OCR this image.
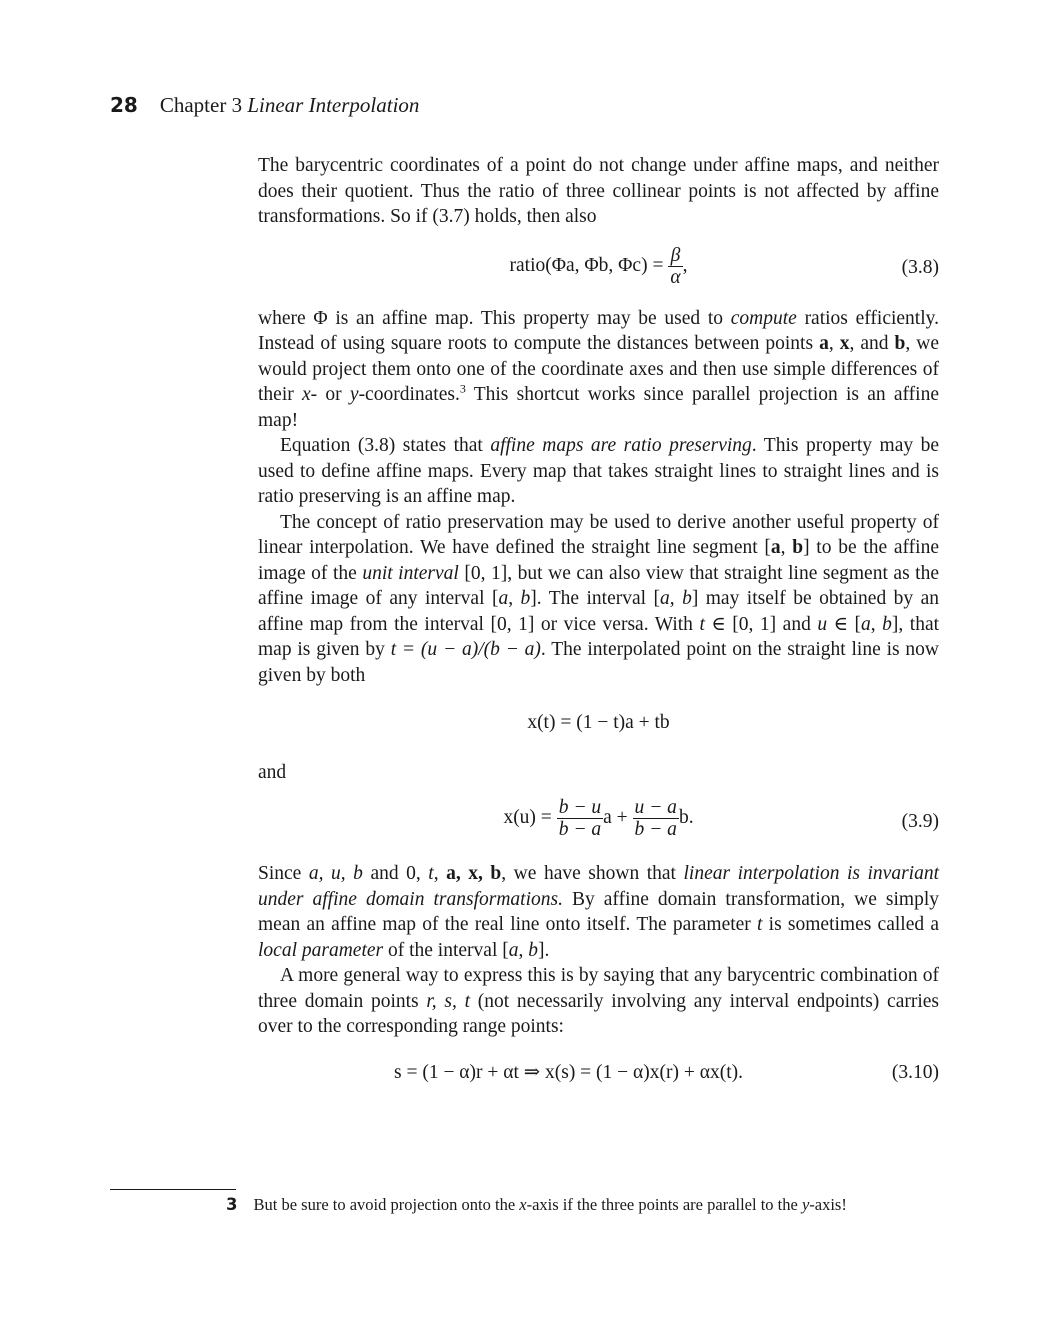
28 Chapter 3 Linear Interpolation

The barycentric coordinates of a point do not change under affine maps, and neither does their quotient. Thus the ratio of three collinear points is not affected by affine transformations. So if (3.7) holds, then also

ratio(Φa, Φb, $\Phi c) = \frac{\beta}{\alpha}$ ,	(3.8)

where Φ is an affine map. This property may be used to compute ratios efficiently. Instead of using square roots to compute the distances between points a, x, and b, we would project them onto one of the coordinate axes and then use simple differences of their x- or y-coordinates.$^3$ This shortcut works since parallel projection is an affine map!

Equation (3.8) states that affine maps are ratio preserving. This property may be used to define affine maps. Every map that takes straight lines to straight lines and is ratio preserving is an affine map.

The concept of ratio preservation may be used to derive another useful property of linear interpolation. We have defined the straight line segment [a, b] to be the affine image of the unit interval [0, 1], but we can also view that straight line segment as the affine image of any interval [a, b]. The interval [a, b] may itself be obtained by an affine map from the interval [0, 1] or vice versa. With t ∈ [0, 1] and u ∈ [a, b], that map is given by t = (u − a)/(b − a). The interpolated point on the straight line is now given by both

x(t) = (1 − t)a + tb

and

$x(u) = \frac{b - u}{b - a}$ $a + \frac{u - a}{b - a} b$.	(3.9)

Since a, u, b and 0, t, a, x, b, we have shown that linear interpolation is invariant under affine domain transformations. By affine domain transformation, we simply mean an affine map of the real line onto itself. The parameter t is sometimes called a local parameter of the interval [a, b].

A more general way to express this is by saying that any barycentric combination of three domain points r, s, t (not necessarily involving any interval endpoints) carries over to the corresponding range points:

s = (1 − α)r + αt ⇒ x(s) = (1 − α)x(r) + αx(t).	(3.10)
3 But be sure to avoid projection onto the x-axis if the three points are parallel to the y-axis!
